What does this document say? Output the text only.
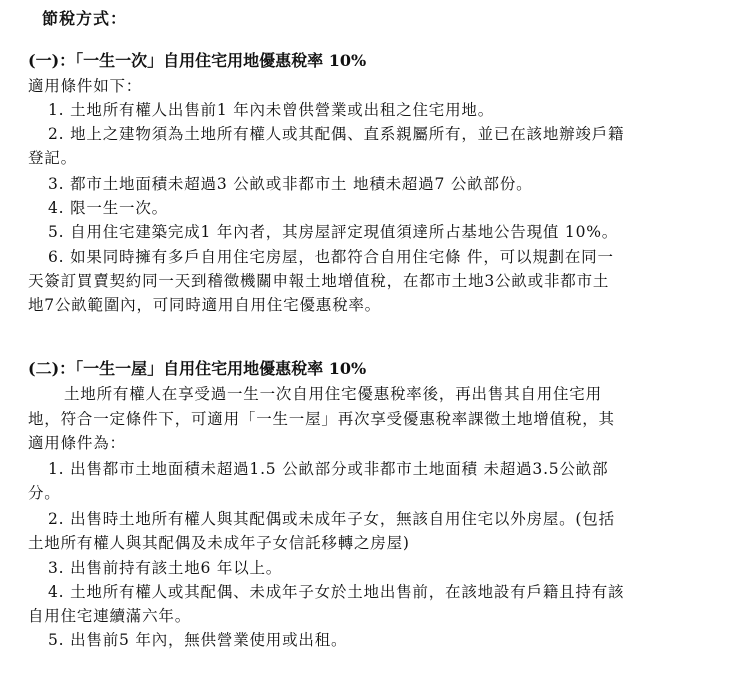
節稅方式：
(一)：「一生一次」自用住宅用地優惠稅率 10%
適用條件如下：
1. 土地所有權人出售前1 年內未曾供營業或出租之住宅用地。
2. 地上之建物須為土地所有權人或其配偶、直系親屬所有，並已在該地辦竣戶籍
登記。
3. 都市土地面積未超過3 公畝或非都市土 地積未超過7 公畝部份。
4. 限一生一次。
5. 自用住宅建築完成1 年內者，其房屋評定現值須達所占基地公告現值 10%。
6. 如果同時擁有多戶自用住宅房屋，也都符合自用住宅條 件，可以規劃在同一
天簽訂買賣契約同一天到稽徵機關申報土地增值稅，在都市土地3公畝或非都市土
地7公畝範圍內，可同時適用自用住宅優惠稅率。
(二)：「一生一屋」自用住宅用地優惠稅率 10%
土地所有權人在享受過一生一次自用住宅優惠稅率後，再出售其自用住宅用
地，符合一定條件下，可適用「一生一屋」再次享受優惠稅率課徵土地增值稅，其
適用條件為：
1. 出售都市土地面積未超過1.5 公畝部分或非都市土地面積 未超過3.5公畝部
分。
2. 出售時土地所有權人與其配偶或未成年子女，無該自用住宅以外房屋。(包括
土地所有權人與其配偶及未成年子女信託移轉之房屋)
3. 出售前持有該土地6 年以上。
4. 土地所有權人或其配偶、未成年子女於土地出售前，在該地設有戶籍且持有該
自用住宅連續滿六年。
5. 出售前5 年內，無供營業使用或出租。
